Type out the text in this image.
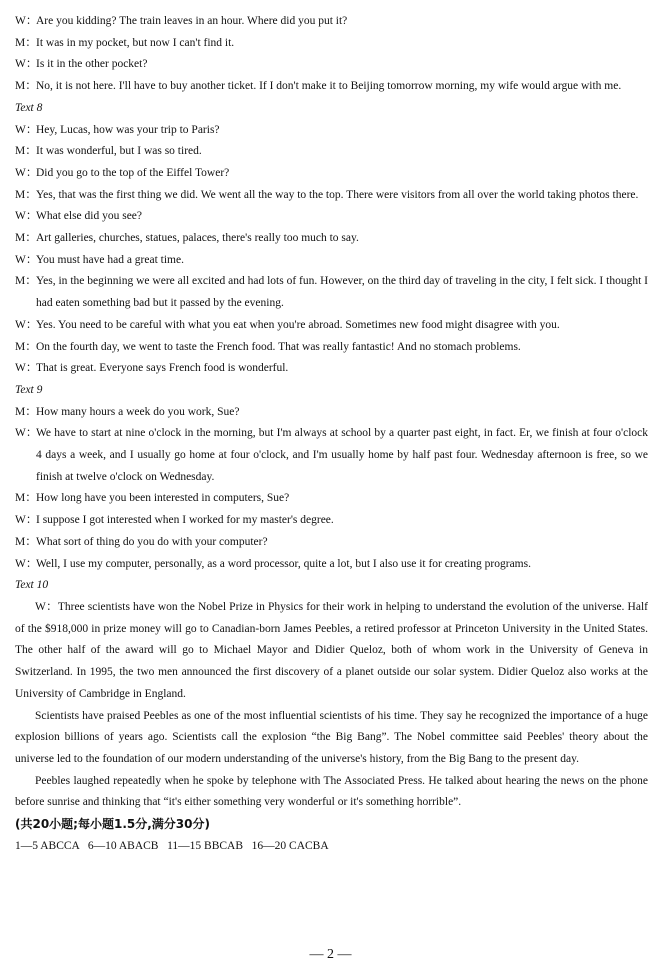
W：
Are you kidding? The train leaves in an hour. Where did you put it?
M： It was in my pocket, but now I can't find it.
W：
Is it in the other pocket?
M： No, it is not here. I'll have to buy another ticket. If I don't make it to Beijing tomorrow morning, my wife would argue with me.
Text 8
W：
Hey, Lucas, how was your trip to Paris?
M： It was wonderful, but I was so tired.
W：
Did you go to the top of the Eiffel Tower?
M： Yes, that was the first thing we did. We went all the way to the top. There were visitors from all over the world taking photos there.
W：
What else did you see?
M： Art galleries, churches, statues, palaces, there's really too much to say.
W：
You must have had a great time.
M： Yes, in the beginning we were all excited and had lots of fun. However, on the third day of traveling in the city, I felt sick. I thought I had eaten something bad but it passed by the evening.
W：
Yes. You need to be careful with what you eat when you're abroad. Sometimes new food might disagree with you.
M： On the fourth day, we went to taste the French food. That was really fantastic! And no stomach problems.
W：
That is great. Everyone says French food is wonderful.
Text 9
M： How many hours a week do you work, Sue?
W：
We have to start at nine o'clock in the morning, but I'm always at school by a quarter past eight, in fact. Er, we finish at four o'clock 4 days a week, and I usually go home at four o'clock, and I'm usually home by half past four. Wednesday afternoon is free, so we finish at twelve o'clock on Wednesday.
M： How long have you been interested in computers, Sue?
W：
I suppose I got interested when I worked for my master's degree.
M： What sort of thing do you do with your computer?
W：
Well, I use my computer, personally, as a word processor, quite a lot, but I also use it for creating programs.
Text 10
W：Three scientists have won the Nobel Prize in Physics for their work in helping to understand the evolution of the universe. Half of the $918,000 in prize money will go to Canadian-born James Peebles, a retired professor at Princeton University in the United States. The other half of the award will go to Michael Mayor and Didier Queloz, both of whom work in the University of Geneva in Switzerland. In 1995, the two men announced the first discovery of a planet outside our solar system. Didier Queloz also works at the University of Cambridge in England.
Scientists have praised Peebles as one of the most influential scientists of his time. They say he recognized the importance of a huge explosion billions of years ago. Scientists call the explosion “the Big Bang”. The Nobel committee said Peebles' theory about the universe led to the foundation of our modern understanding of the universe's history, from the Big Bang to the present day.
Peebles laughed repeatedly when he spoke by telephone with The Associated Press. He talked about hearing the news on the phone before sunrise and thinking that “it's either something very wonderful or it's something horrible”.
(共20小题;每小题1.5分,满分30分)
1—5 ABCCA   6—10 ABACB   11—15 BBCAB   16—20 CACBA
— 2 —
